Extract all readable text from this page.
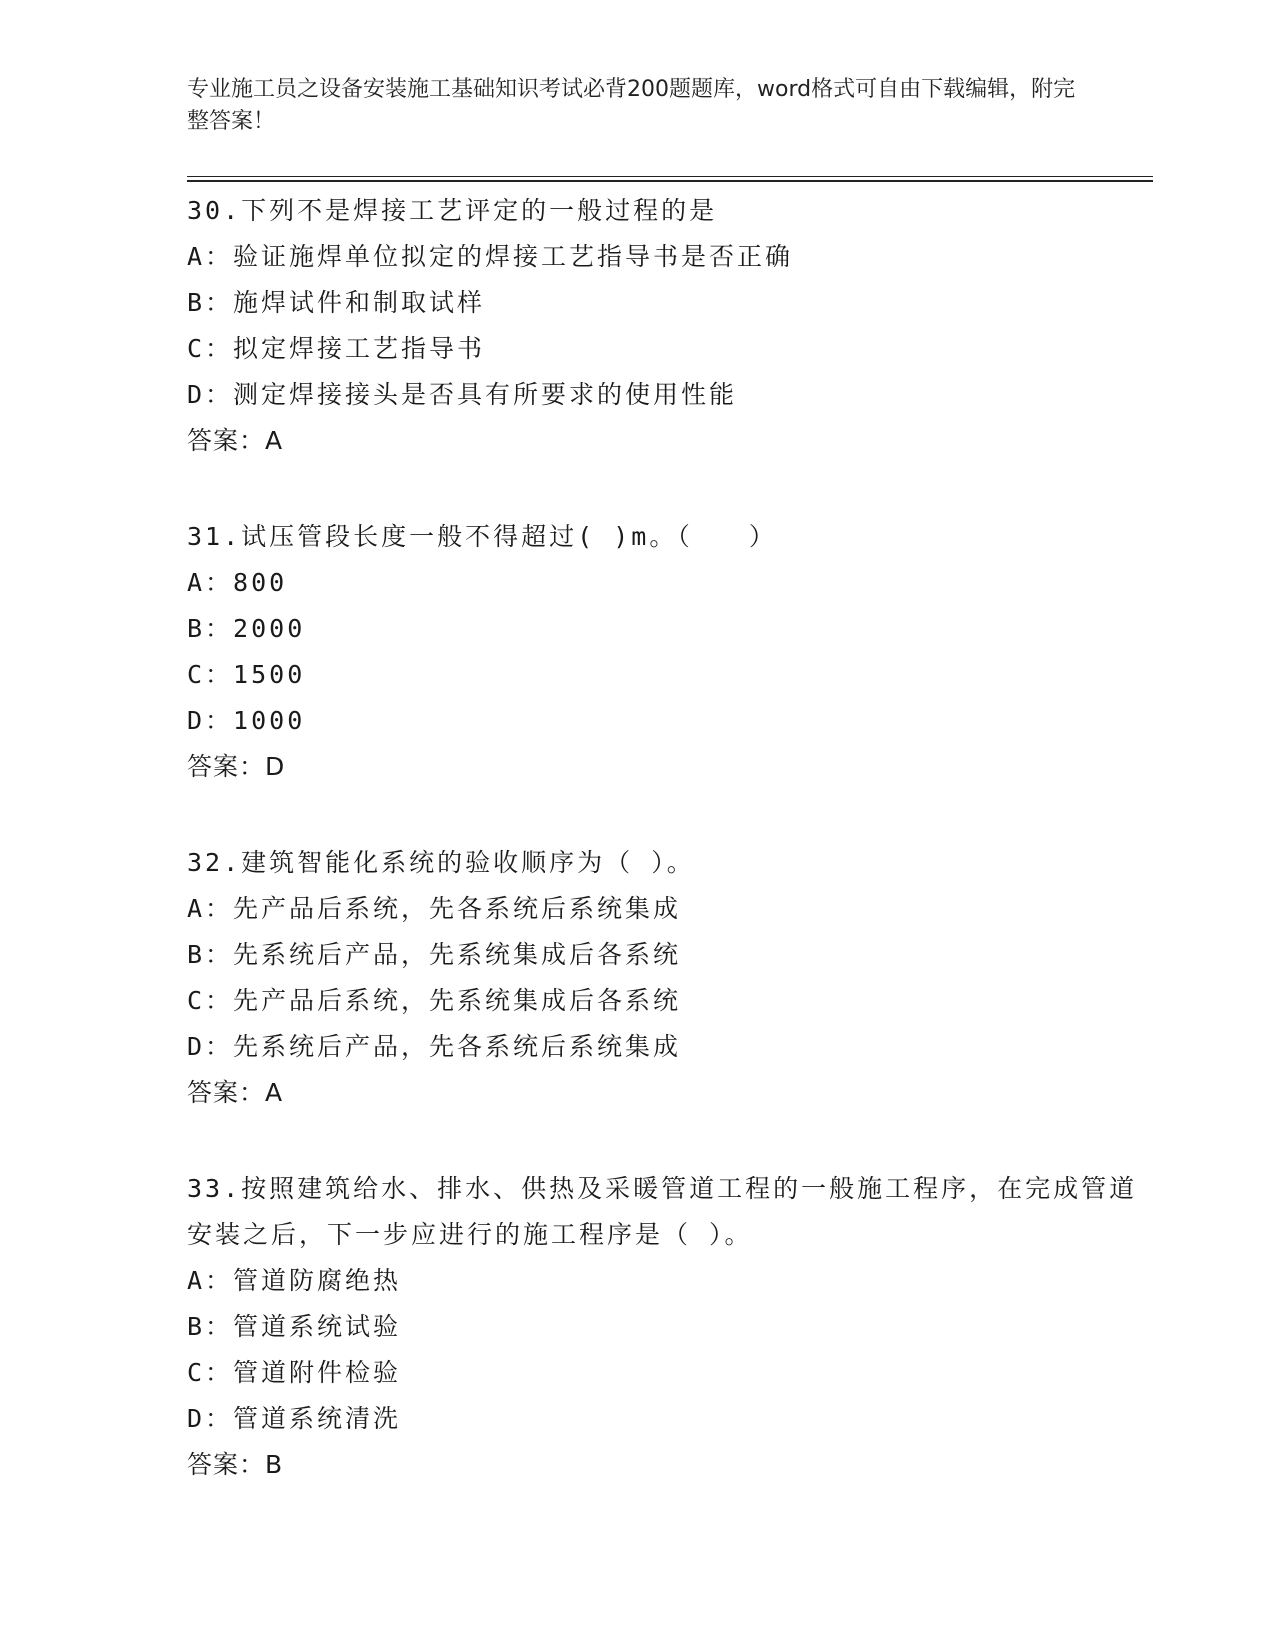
专业施工员之设备安装施工基础知识考试必背200题题库，word格式可自由下载编辑，附完整答案！
30.下列不是焊接工艺评定的一般过程的是
A：验证施焊单位拟定的焊接工艺指导书是否正确
B：施焊试件和制取试样
C：拟定焊接工艺指导书
D：测定焊接接头是否具有所要求的使用性能
答案：A
31.试压管段长度一般不得超过( )m。（　　）
A：800
B：2000
C：1500
D：1000
答案：D
32.建筑智能化系统的验收顺序为（ ）。
A：先产品后系统，先各系统后系统集成
B：先系统后产品，先系统集成后各系统
C：先产品后系统，先系统集成后各系统
D：先系统后产品，先各系统后系统集成
答案：A
33.按照建筑给水、排水、供热及采暖管道工程的一般施工程序，在完成管道安装之后，下一步应进行的施工程序是（ ）。
A：管道防腐绝热
B：管道系统试验
C：管道附件检验
D：管道系统清洗
答案：B
